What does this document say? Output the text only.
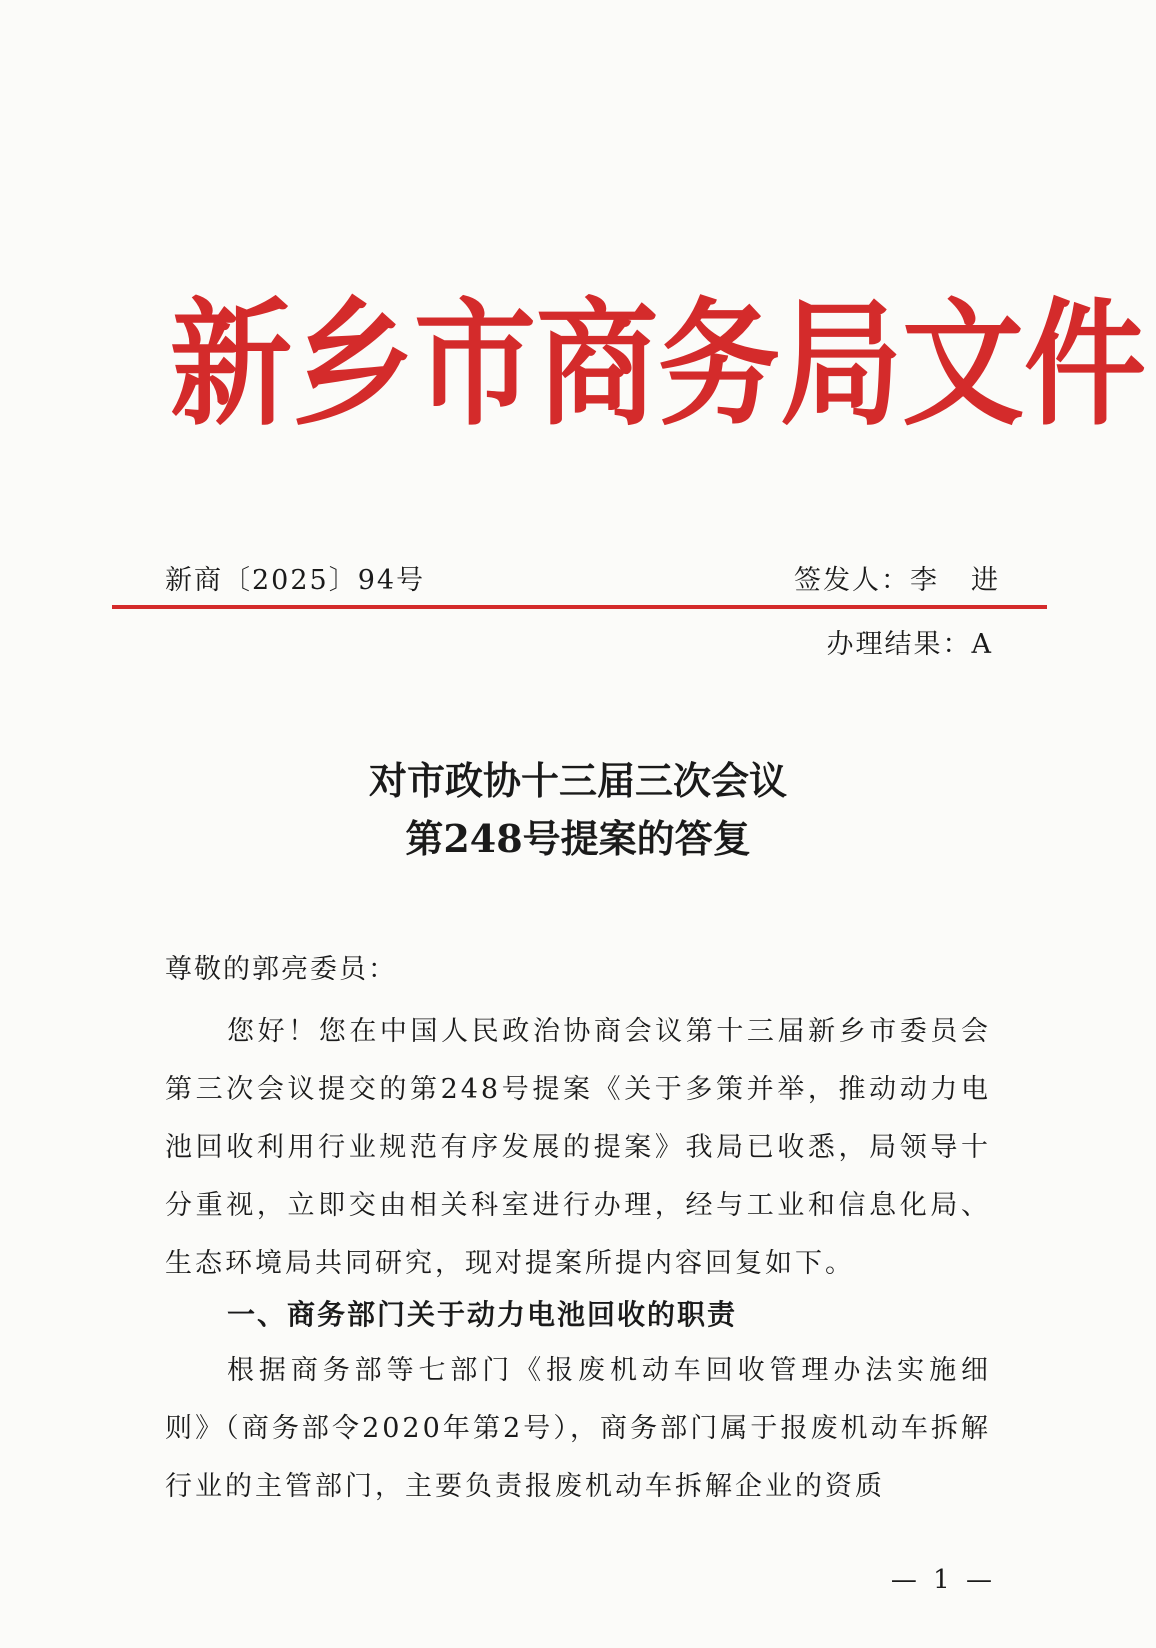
新乡市商务局文件
新商〔2025〕94号	签发人：李进
办理结果：A
对市政协十三届三次会议
第248号提案的答复
尊敬的郭亮委员：
您好！您在中国人民政治协商会议第十三届新乡市委员会第三次会议提交的第248号提案《关于多策并举，推动动力电池回收利用行业规范有序发展的提案》我局已收悉，局领导十分重视，立即交由相关科室进行办理，经与工业和信息化局、生态环境局共同研究，现对提案所提内容回复如下。
一、商务部门关于动力电池回收的职责
根据商务部等七部门《报废机动车回收管理办法实施细则》（商务部令2020年第2号），商务部门属于报废机动车拆解行业的主管部门，主要负责报废机动车拆解企业的资质
— 1 —
